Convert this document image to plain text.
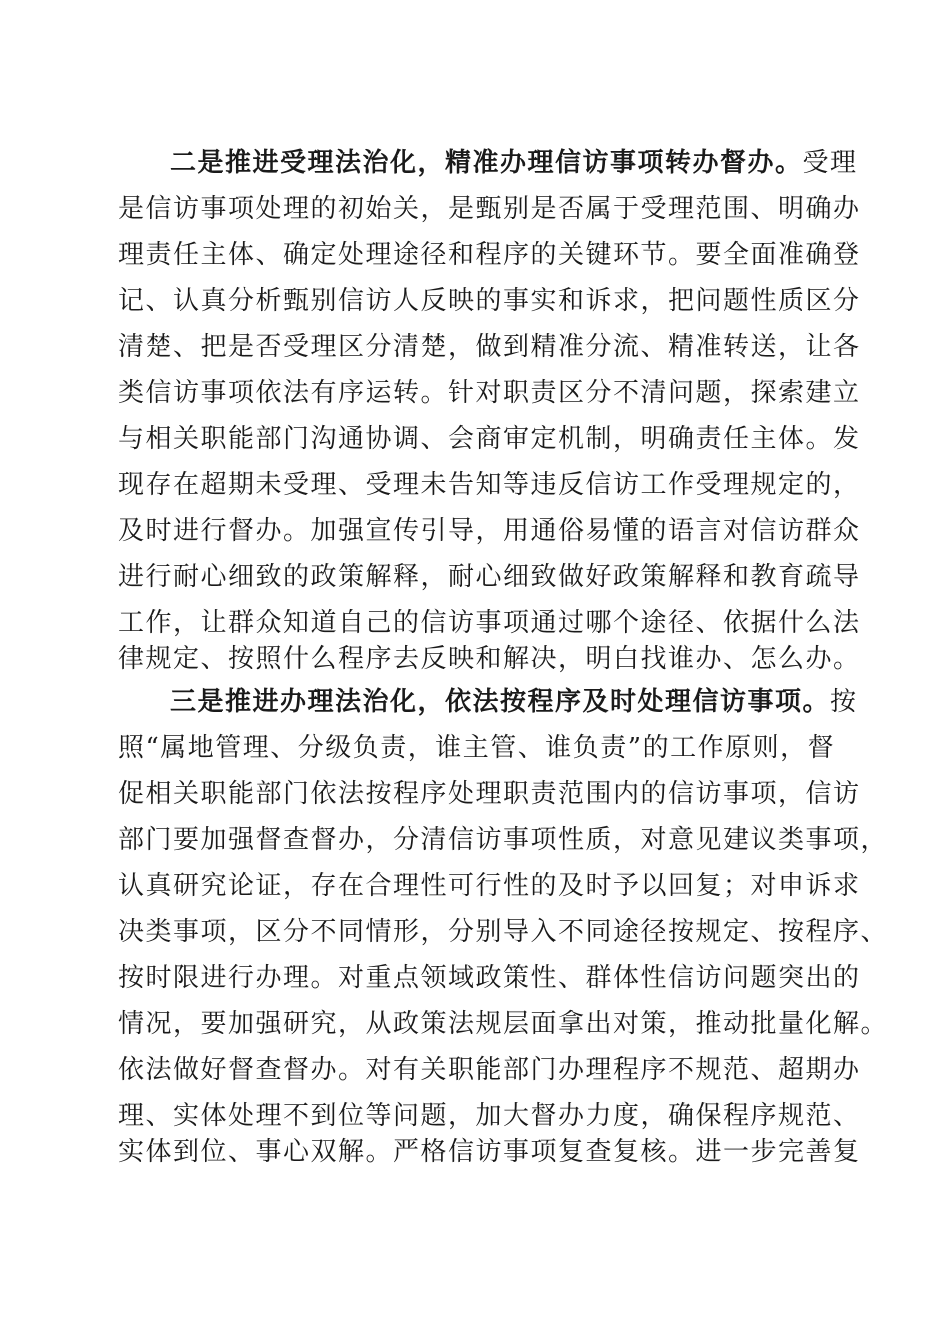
二是推进受理法治化，精准办理信访事项转办督办。受理
是信访事项处理的初始关，是甄别是否属于受理范围、明确办
理责任主体、确定处理途径和程序的关键环节。要全面准确登
记、认真分析甄别信访人反映的事实和诉求，把问题性质区分
清楚、把是否受理区分清楚，做到精准分流、精准转送，让各
类信访事项依法有序运转。针对职责区分不清问题，探索建立
与相关职能部门沟通协调、会商审定机制，明确责任主体。发
现存在超期未受理、受理未告知等违反信访工作受理规定的，
及时进行督办。加强宣传引导，用通俗易懂的语言对信访群众
进行耐心细致的政策解释，耐心细致做好政策解释和教育疏导
工作，让群众知道自己的信访事项通过哪个途径、依据什么法
律规定、按照什么程序去反映和解决，明白找谁办、怎么办。
三是推进办理法治化，依法按程序及时处理信访事项。按
照“属地管理、分级负责，谁主管、谁负责”的工作原则，督
促相关职能部门依法按程序处理职责范围内的信访事项，信访
部门要加强督查督办，分清信访事项性质，对意见建议类事项，
认真研究论证，存在合理性可行性的及时予以回复；对申诉求
决类事项，区分不同情形，分别导入不同途径按规定、按程序、
按时限进行办理。对重点领域政策性、群体性信访问题突出的
情况，要加强研究，从政策法规层面拿出对策，推动批量化解。
依法做好督查督办。对有关职能部门办理程序不规范、超期办
理、实体处理不到位等问题，加大督办力度，确保程序规范、
实体到位、事心双解。严格信访事项复查复核。进一步完善复
